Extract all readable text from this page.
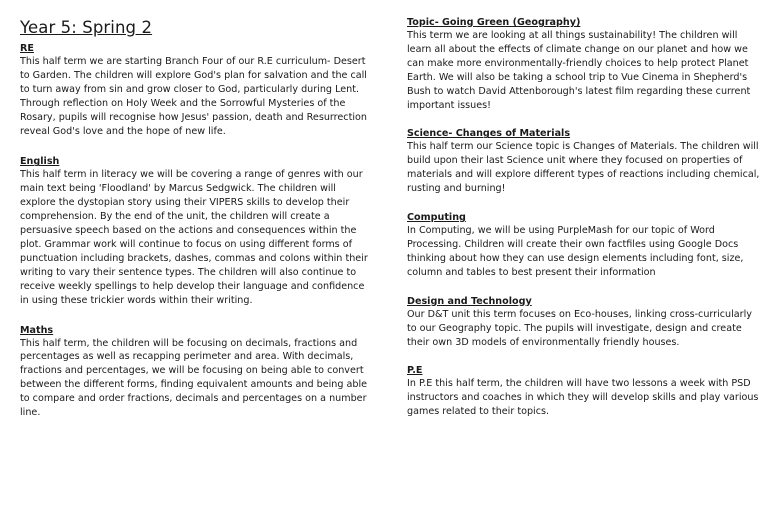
Year 5: Spring 2
RE

This half term we are starting Branch Four of our R.E curriculum- Desert to Garden. The children will explore God's plan for salvation and the call to turn away from sin and grow closer to God, particularly during Lent. Through reflection on Holy Week and the Sorrowful Mysteries of the Rosary, pupils will recognise how Jesus' passion, death and Resurrection reveal God's love and the hope of new life.

English

This half term in literacy we will be covering a range of genres with our main text being 'Floodland' by Marcus Sedgwick. The children will explore the dystopian story using their VIPERS skills to develop their comprehension. By the end of the unit, the children will create a persuasive speech based on the actions and consequences within the plot. Grammar work will continue to focus on using different forms of punctuation including brackets, dashes, commas and colons within their writing to vary their sentence types. The children will also continue to receive weekly spellings to help develop their language and confidence in using these trickier words within their writing.

Maths

This half term, the children will be focusing on decimals, fractions and percentages as well as recapping perimeter and area. With decimals, fractions and percentages, we will be focusing on being able to convert between the different forms, finding equivalent amounts and being able to compare and order fractions, decimals and percentages on a number line.

Topic- Going Green (Geography)

This term we are looking at all things sustainability! The children will learn all about the effects of climate change on our planet and how we can make more environmentally-friendly choices to help protect Planet Earth. We will also be taking a school trip to Vue Cinema in Shepherd's Bush to watch David Attenborough's latest film regarding these current important issues!

Science- Changes of Materials

This half term our Science topic is Changes of Materials. The children will build upon their last Science unit where they focused on properties of materials and will explore different types of reactions including chemical, rusting and burning!

Computing

In Computing, we will be using PurpleMash for our topic of Word Processing. Children will create their own factfiles using Google Docs thinking about how they can use design elements including font, size, column and tables to best present their information

Design and Technology

Our D&T unit this term focuses on Eco-houses, linking cross-curricularly to our Geography topic. The pupils will investigate, design and create their own 3D models of environmentally friendly houses.

P.E

In P.E this half term, the children will have two lessons a week with PSD instructors and coaches in which they will develop skills and play various games related to their topics.
